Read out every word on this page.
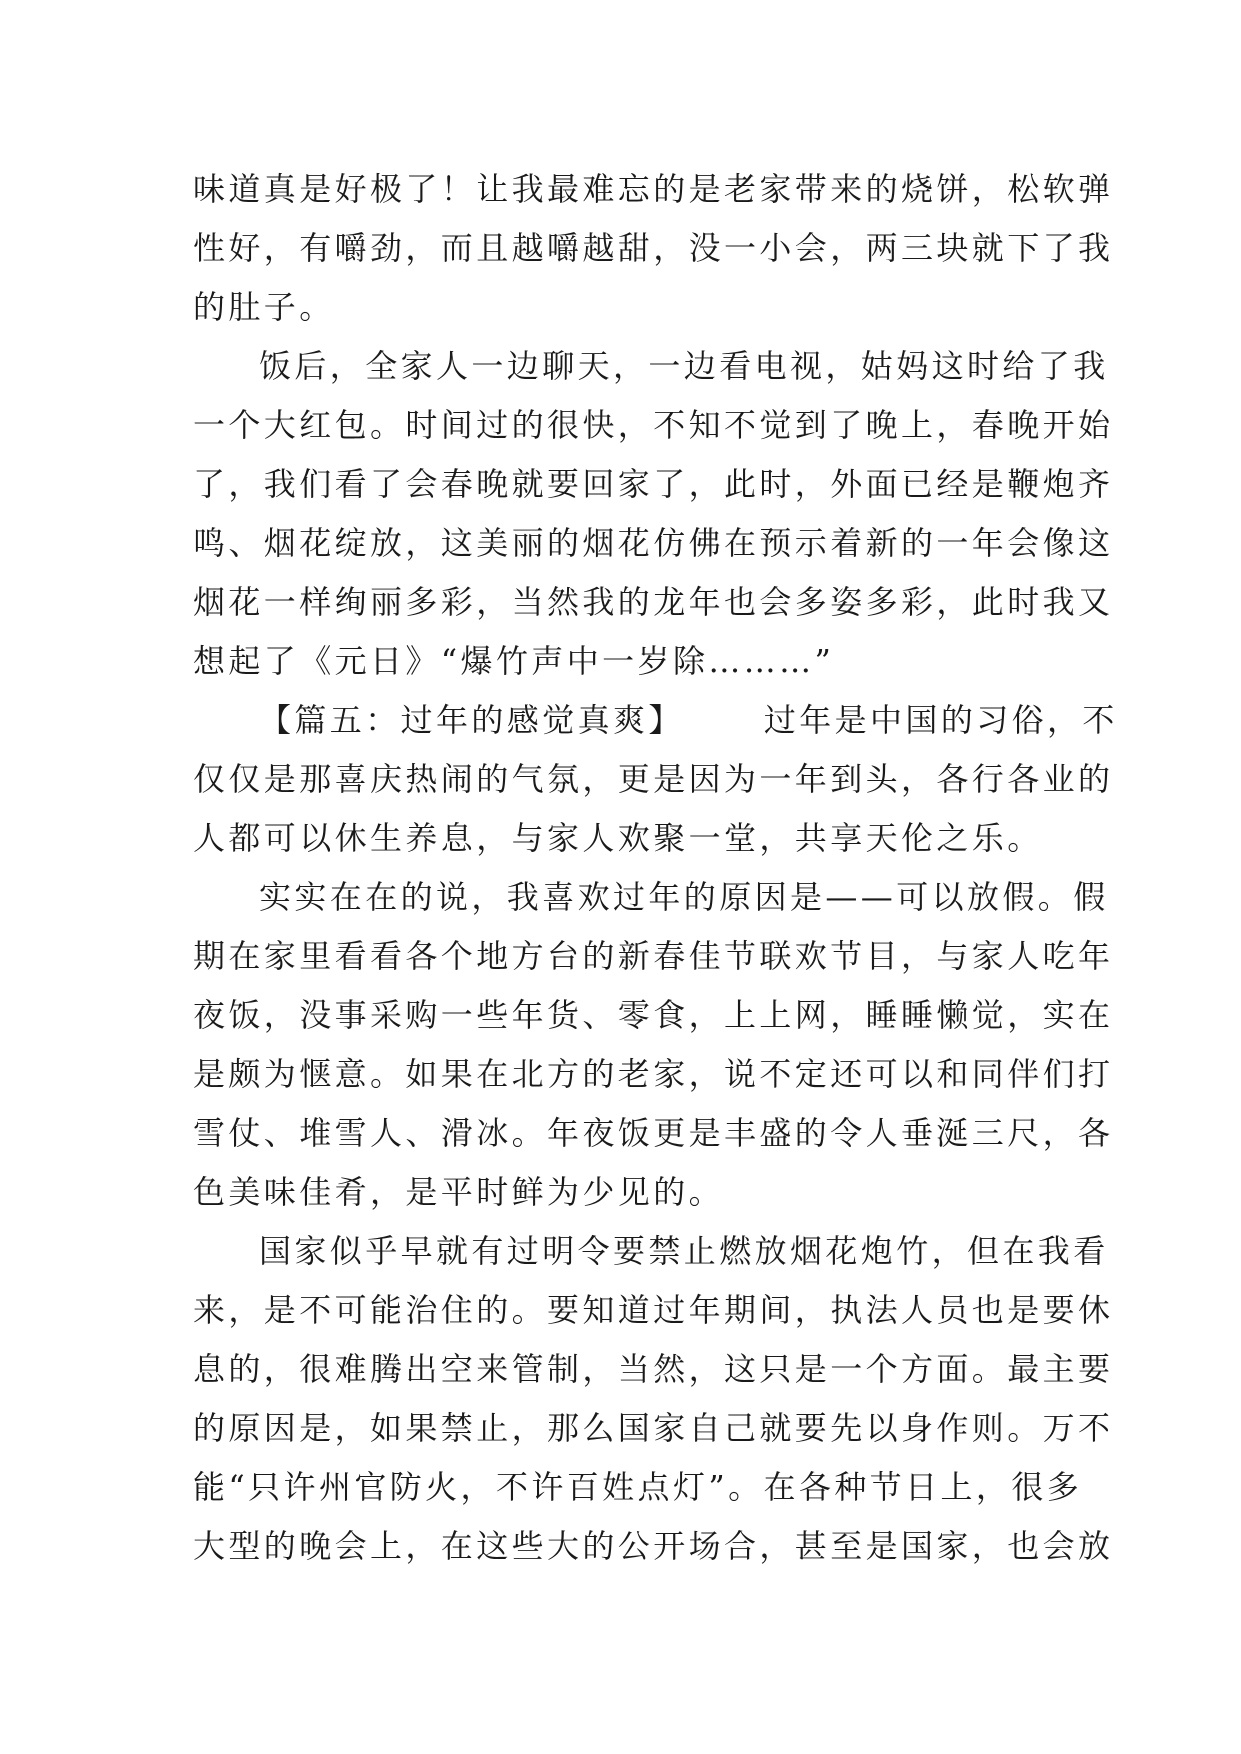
味道真是好极了！让我最难忘的是老家带来的烧饼，松软弹
性好，有嚼劲，而且越嚼越甜，没一小会，两三块就下了我
的肚子。
饭后，全家人一边聊天，一边看电视，姑妈这时给了我
一个大红包。时间过的很快，不知不觉到了晚上，春晚开始
了，我们看了会春晚就要回家了，此时，外面已经是鞭炮齐
鸣、烟花绽放，这美丽的烟花仿佛在预示着新的一年会像这
烟花一样绚丽多彩，当然我的龙年也会多姿多彩，此时我又
想起了《元日》“爆竹声中一岁除………”
【篇五：过年的感觉真爽】	过年是中国的习俗，不
仅仅是那喜庆热闹的气氛，更是因为一年到头，各行各业的
人都可以休生养息，与家人欢聚一堂，共享天伦之乐。
实实在在的说，我喜欢过年的原因是——可以放假。假
期在家里看看各个地方台的新春佳节联欢节目，与家人吃年
夜饭，没事采购一些年货、零食，上上网，睡睡懒觉，实在
是颇为惬意。如果在北方的老家，说不定还可以和同伴们打
雪仗、堆雪人、滑冰。年夜饭更是丰盛的令人垂涎三尺，各
色美味佳肴，是平时鲜为少见的。
国家似乎早就有过明令要禁止燃放烟花炮竹，但在我看
来，是不可能治住的。要知道过年期间，执法人员也是要休
息的，很难腾出空来管制，当然，这只是一个方面。最主要
的原因是，如果禁止，那么国家自己就要先以身作则。万不
能“只许州官防火，不许百姓点灯”。在各种节日上，很多
大型的晚会上，在这些大的公开场合，甚至是国家，也会放
